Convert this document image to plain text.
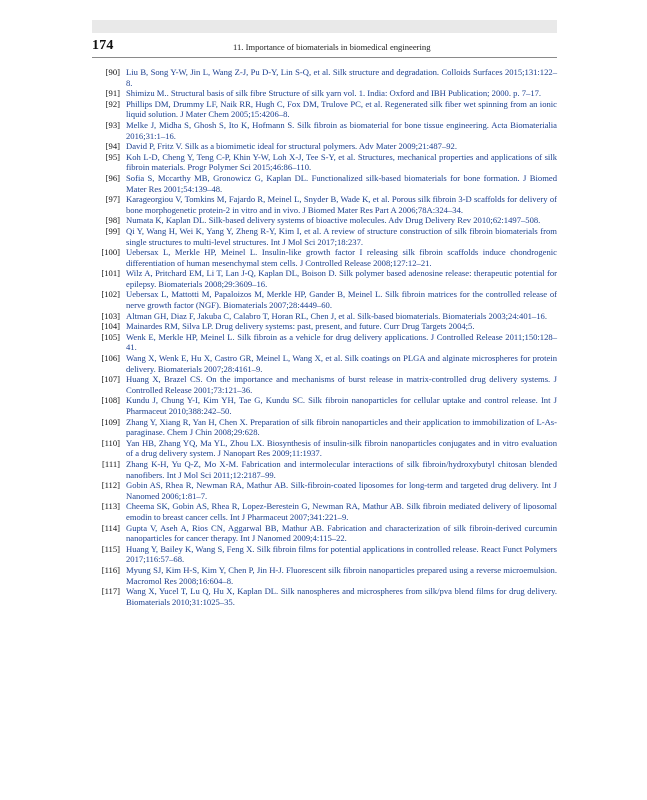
174	11. Importance of biomaterials in biomedical engineering
[90] Liu B, Song Y-W, Jin L, Wang Z-J, Pu D-Y, Lin S-Q, et al. Silk structure and degradation. Colloids Surfaces 2015;131:122–8.
[91] Shimizu M.. Structural basis of silk fibre Structure of silk yarn vol. 1. India: Oxford and IBH Publication; 2000. p. 7–17.
[92] Phillips DM, Drummy LF, Naik RR, Hugh C, Fox DM, Trulove PC, et al. Regenerated silk fiber wet spinning from an ionic liquid solution. J Mater Chem 2005;15:4206–8.
[93] Melke J, Midha S, Ghosh S, Ito K, Hofmann S. Silk fibroin as biomaterial for bone tissue engineering. Acta Biomaterialia 2016;31:1–16.
[94] David P, Fritz V. Silk as a biomimetic ideal for structural polymers. Adv Mater 2009;21:487–92.
[95] Koh L-D, Cheng Y, Teng C-P, Khin Y-W, Loh X-J, Tee S-Y, et al. Structures, mechanical properties and applications of silk fibroin materials. Progr Polymer Sci 2015;46:86–110.
[96] Sofia S, Mccarthy MB, Gronowicz G, Kaplan DL. Functionalized silk-based biomaterials for bone formation. J Biomed Mater Res 2001;54:139–48.
[97] Karageorgiou V, Tomkins M, Fajardo R, Meinel L, Snyder B, Wade K, et al. Porous silk fibroin 3-D scaffolds for delivery of bone morphogenetic protein-2 in vitro and in vivo. J Biomed Mater Res Part A 2006;78A:324–34.
[98] Numata K, Kaplan DL. Silk-based delivery systems of bioactive molecules. Adv Drug Delivery Rev 2010;62:1497–508.
[99] Qi Y, Wang H, Wei K, Yang Y, Zheng R-Y, Kim I, et al. A review of structure construction of silk fibroin biomaterials from single structures to multi-level structures. Int J Mol Sci 2017;18:237.
[100] Uebersax L, Merkle HP, Meinel L. Insulin-like growth factor I releasing silk fibroin scaffolds induce chondrogenic differentiation of human mesenchymal stem cells. J Controlled Release 2008;127:12–21.
[101] Wilz A, Pritchard EM, Li T, Lan J-Q, Kaplan DL, Boison D. Silk polymer based adenosine release: therapeutic potential for epilepsy. Biomaterials 2008;29:3609–16.
[102] Uebersax L, Mattotti M, Papaloizos M, Merkle HP, Gander B, Meinel L. Silk fibroin matrices for the controlled release of nerve growth factor (NGF). Biomaterials 2007;28:4449–60.
[103] Altman GH, Diaz F, Jakuba C, Calabro T, Horan RL, Chen J, et al. Silk-based biomaterials. Biomaterials 2003;24:401–16.
[104] Mainardes RM, Silva LP. Drug delivery systems: past, present, and future. Curr Drug Targets 2004;5.
[105] Wenk E, Merkle HP, Meinel L. Silk fibroin as a vehicle for drug delivery applications. J Controlled Release 2011;150:128–41.
[106] Wang X, Wenk E, Hu X, Castro GR, Meinel L, Wang X, et al. Silk coatings on PLGA and alginate microspheres for protein delivery. Biomaterials 2007;28:4161–9.
[107] Huang X, Brazel CS. On the importance and mechanisms of burst release in matrix-controlled drug delivery systems. J Controlled Release 2001;73:121–36.
[108] Kundu J, Chung Y-I, Kim YH, Tae G, Kundu SC. Silk fibroin nanoparticles for cellular uptake and control release. Int J Pharmaceut 2010;388:242–50.
[109] Zhang Y, Xiang R, Yan H, Chen X. Preparation of silk fibroin nanoparticles and their application to immobilization of L-As-paraginase. Chem J Chin 2008;29:628.
[110] Yan HB, Zhang YQ, Ma YL, Zhou LX. Biosynthesis of insulin-silk fibroin nanoparticles conjugates and in vitro evaluation of a drug delivery system. J Nanopart Res 2009;11:1937.
[111] Zhang K-H, Yu Q-Z, Mo X-M. Fabrication and intermolecular interactions of silk fibroin/hydroxybutyl chitosan blended nanofibers. Int J Mol Sci 2011;12:2187–99.
[112] Gobin AS, Rhea R, Newman RA, Mathur AB. Silk-fibroin-coated liposomes for long-term and targeted drug delivery. Int J Nanomed 2006;1:81–7.
[113] Cheema SK, Gobin AS, Rhea R, Lopez-Berestein G, Newman RA, Mathur AB. Silk fibroin mediated delivery of liposomal emodin to breast cancer cells. Int J Pharmaceut 2007;341:221–9.
[114] Gupta V, Aseh A, Rios CN, Aggarwal BB, Mathur AB. Fabrication and characterization of silk fibroin-derived curcumin nanoparticles for cancer therapy. Int J Nanomed 2009;4:115–22.
[115] Huang Y, Bailey K, Wang S, Feng X. Silk fibroin films for potential applications in controlled release. React Funct Polymers 2017;116:57–68.
[116] Myung SJ, Kim H-S, Kim Y, Chen P, Jin H-J. Fluorescent silk fibroin nanoparticles prepared using a reverse microemulsion. Macromol Res 2008;16:604–8.
[117] Wang X, Yucel T, Lu Q, Hu X, Kaplan DL. Silk nanospheres and microspheres from silk/pva blend films for drug delivery. Biomaterials 2010;31:1025–35.
